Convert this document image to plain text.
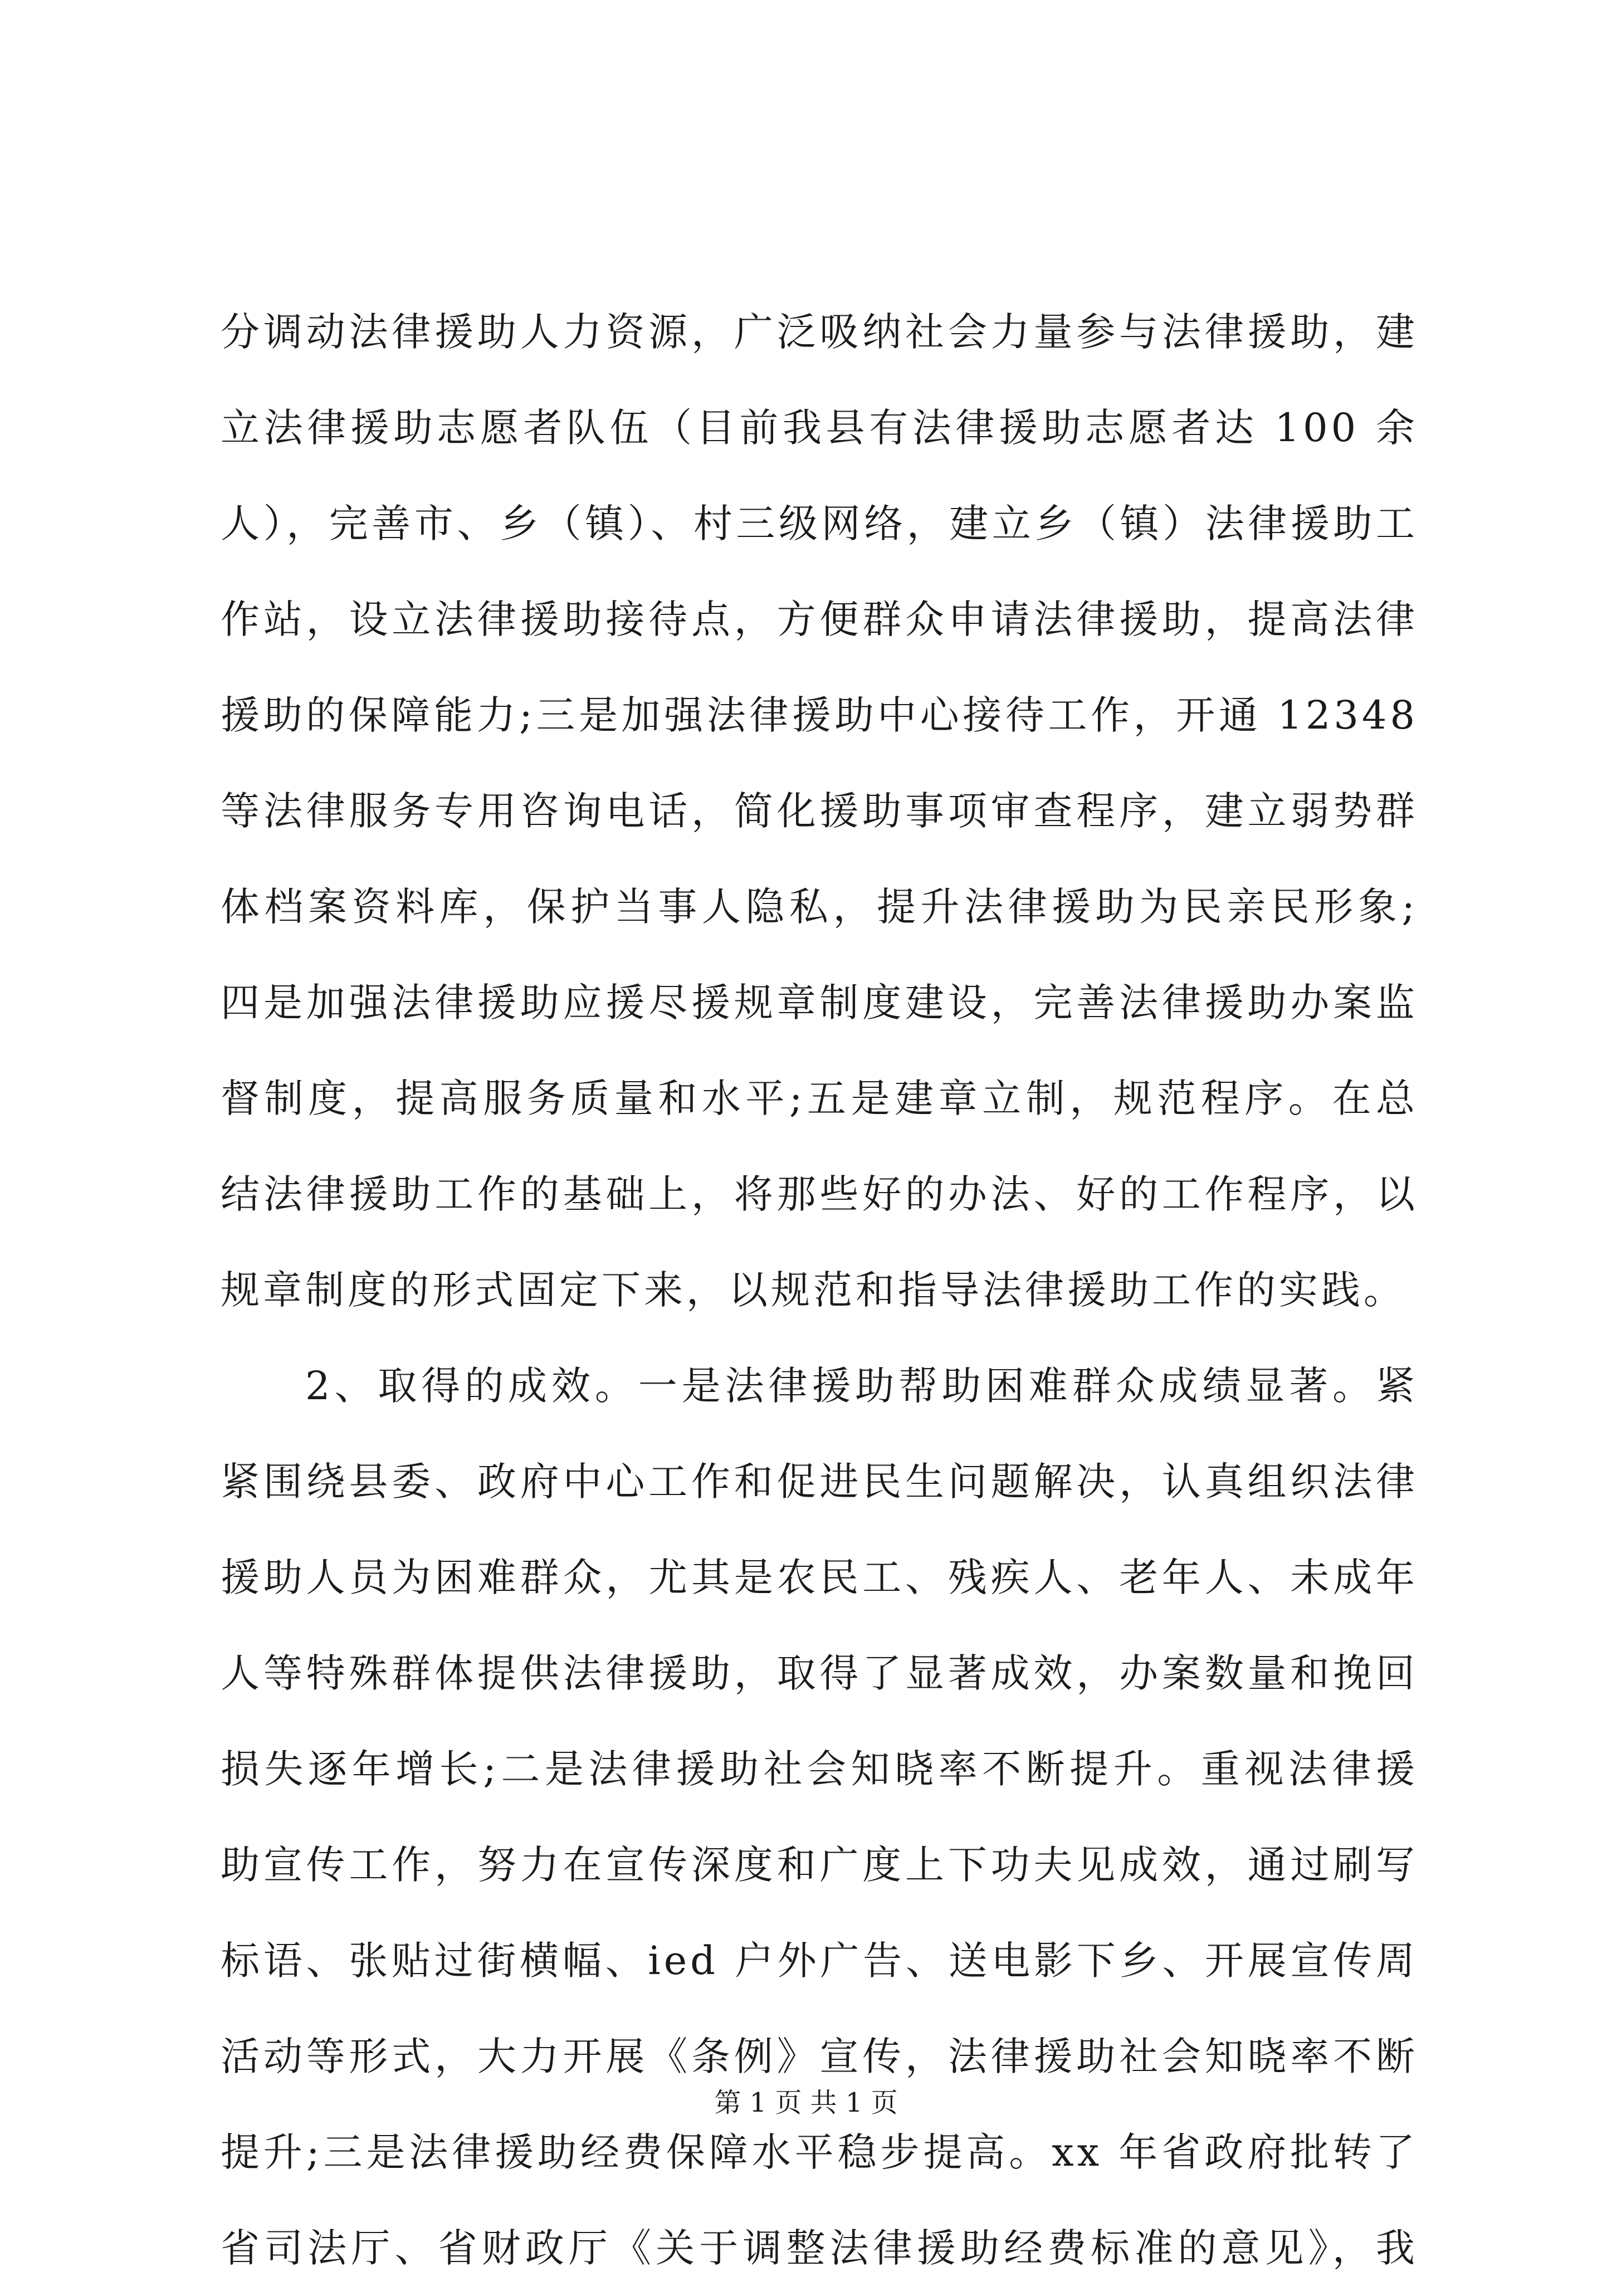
分调动法律援助人力资源，广泛吸纳社会力量参与法律援助，建
立法律援助志愿者队伍（目前我县有法律援助志愿者达 100 余
人），完善市、乡（镇）、村三级网络，建立乡（镇）法律援助工
作站，设立法律援助接待点，方便群众申请法律援助，提高法律
援助的保障能力;三是加强法律援助中心接待工作，开通 12348
等法律服务专用咨询电话，简化援助事项审查程序，建立弱势群
体档案资料库，保护当事人隐私，提升法律援助为民亲民形象;
四是加强法律援助应援尽援规章制度建设，完善法律援助办案监
督制度，提高服务质量和水平;五是建章立制，规范程序。在总
结法律援助工作的基础上，将那些好的办法、好的工作程序，以
规章制度的形式固定下来，以规范和指导法律援助工作的实践。
2、取得的成效。一是法律援助帮助困难群众成绩显著。紧
紧围绕县委、政府中心工作和促进民生问题解决，认真组织法律
援助人员为困难群众，尤其是农民工、残疾人、老年人、未成年
人等特殊群体提供法律援助，取得了显著成效，办案数量和挽回
损失逐年增长;二是法律援助社会知晓率不断提升。重视法律援
助宣传工作，努力在宣传深度和广度上下功夫见成效，通过刷写
标语、张贴过街横幅、ied 户外广告、送电影下乡、开展宣传周
活动等形式，大力开展《条例》宣传，法律援助社会知晓率不断
提升;三是法律援助经费保障水平稳步提高。xx 年省政府批转了
省司法厅、省财政厅《关于调整法律援助经费标准的意见》，我
第 1 页 共 1 页
